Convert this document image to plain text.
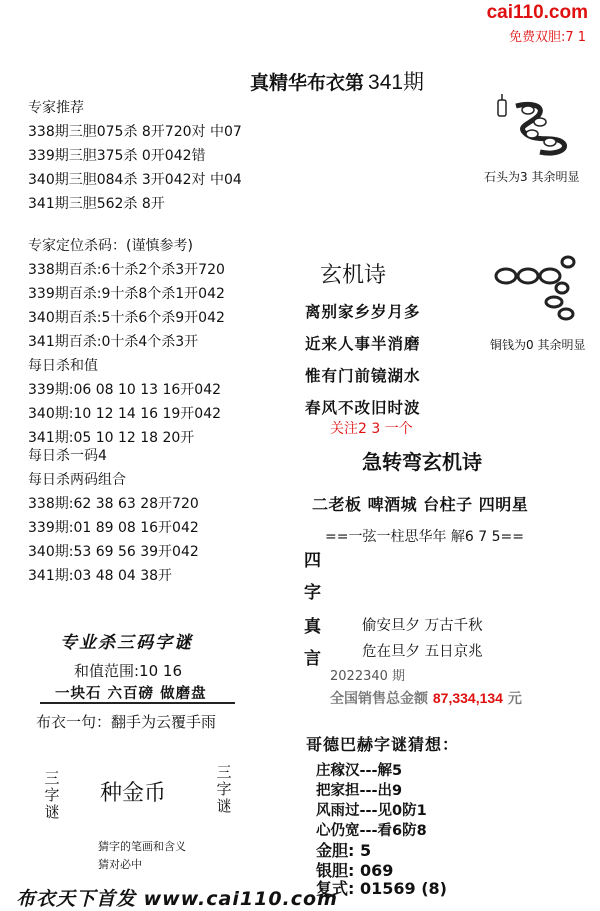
cai110.com
免费双胆:7 1
真精华布衣第 341期
专家推荐
338期三胆075杀 8开720对 中07
339期三胆375杀 0开042错
340期三胆084杀 3开042对 中04
341期三胆562杀 8开
专家定位杀码：(谨慎参考)
338期百杀:6十杀2个杀3开720
339期百杀:9十杀8个杀1开042
340期百杀:5十杀6个杀9开042
341期百杀:0十杀4个杀3开
每日杀和值
339期:06 08 10 13 16开042
340期:10 12 14 16 19开042
341期:05 10 12 18 20开
每日杀一码4
每日杀两码组合
338期:62 38 63 28开720
339期:01 89 08 16开042
340期:53 69 56 39开042
341期:03 48 04 38开
石头为3 其余明显
铜钱为0 其余明显
玄机诗
离别家乡岁月多
近来人事半消磨
惟有门前镜湖水
春风不改旧时波
关注2 3 一个
急转弯玄机诗
二老板 啤酒城 台柱子 四明星
==一弦一柱思华年 解6 7 5==
四
字
真
言
偷安旦夕 万古千秋
危在旦夕 五日京兆
2022340 期
全国销售总金额 87,334,134 元
哥德巴赫字谜猜想：
庄稼汉---解5
把家担---出9
风雨过---见0防1
心仍宽---看6防8
金胆: 5
银胆: 069
复式: 01569 (8)
专业杀三码字谜
和值范围:10 16
一块石 六百磅 做磨盘
布衣一句：翻手为云覆手雨
三字谜
种金币
三字谜
猜字的笔画和含义
猜对必中
布衣天下首发 www.cai110.com
